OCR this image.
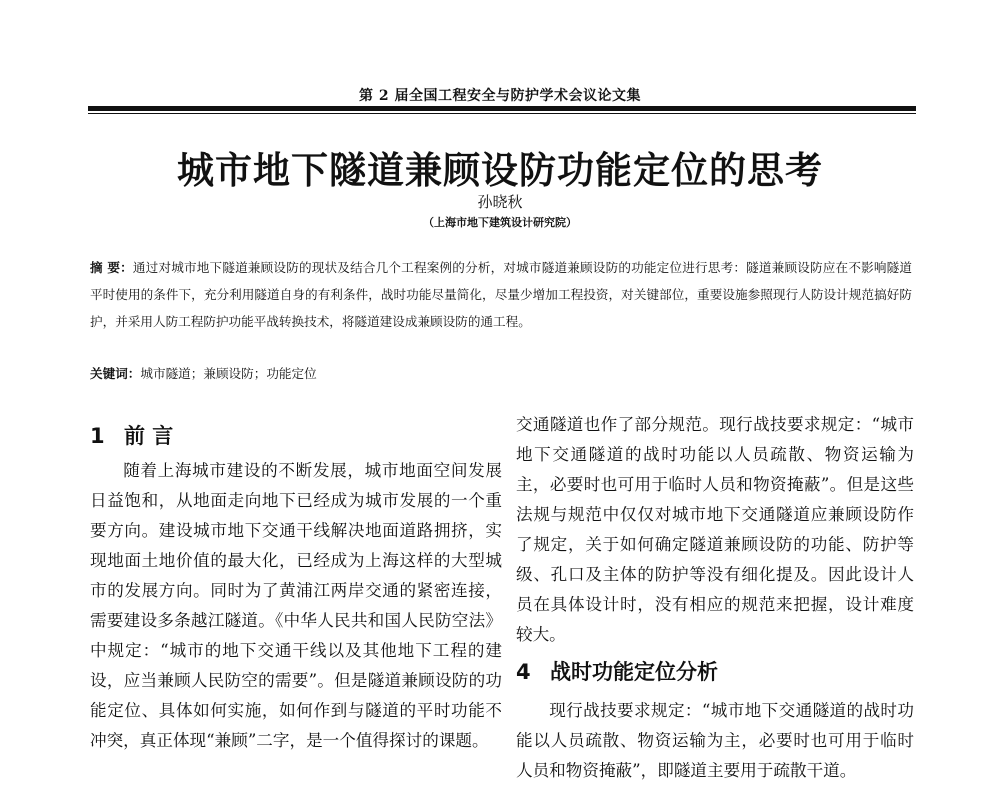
第 2 届全国工程安全与防护学术会议论文集
城市地下隧道兼顾设防功能定位的思考
孙晓秋
（上海市地下建筑设计研究院）

摘 要：通过对城市地下隧道兼顾设防的现状及结合几个工程案例的分析，对城市隧道兼顾设防的功能定位进行思考：隧道兼顾设防应在不影响隧道平时使用的条件下，充分利用隧道自身的有利条件，战时功能尽量简化，尽量少增加工程投资，对关键部位，重要设施参照现行人防设计规范搞好防护，并采用人防工程防护功能平战转换技术，将隧道建设成兼顾设防的通工程。

关键词：城市隧道；兼顾设防；功能定位

1 前 言

随着上海城市建设的不断发展，城市地面空间发展日益饱和，从地面走向地下已经成为城市发展的一个重要方向。建设城市地下交通干线解决地面道路拥挤，实现地面土地价值的最大化，已经成为上海这样的大型城市的发展方向。同时为了黄浦江两岸交通的紧密连接，需要建设多条越江隧道。《中华人民共和国人民防空法》中规定：“城市的地下交通干线以及其他地下工程的建设，应当兼顾人民防空的需要”。但是隧道兼顾设防的功能定位、具体如何实施，如何作到与隧道的平时功能不冲突，真正体现“兼顾”二字，是一个值得探讨的课题。

交通隧道也作了部分规范。现行战技要求规定：“城市地下交通隧道的战时功能以人员疏散、物资运输为主，必要时也可用于临时人员和物资掩蔽”。但是这些法规与规范中仅仅对城市地下交通隧道应兼顾设防作了规定，关于如何确定隧道兼顾设防的功能、防护等级、孔口及主体的防护等没有细化提及。因此设计人员在具体设计时，没有相应的规范来把握，设计难度较大。

4 战时功能定位分析

现行战技要求规定：“城市地下交通隧道的战时功能以人员疏散、物资运输为主，必要时也可用于临时人员和物资掩蔽”，即隧道主要用于疏散干道。
